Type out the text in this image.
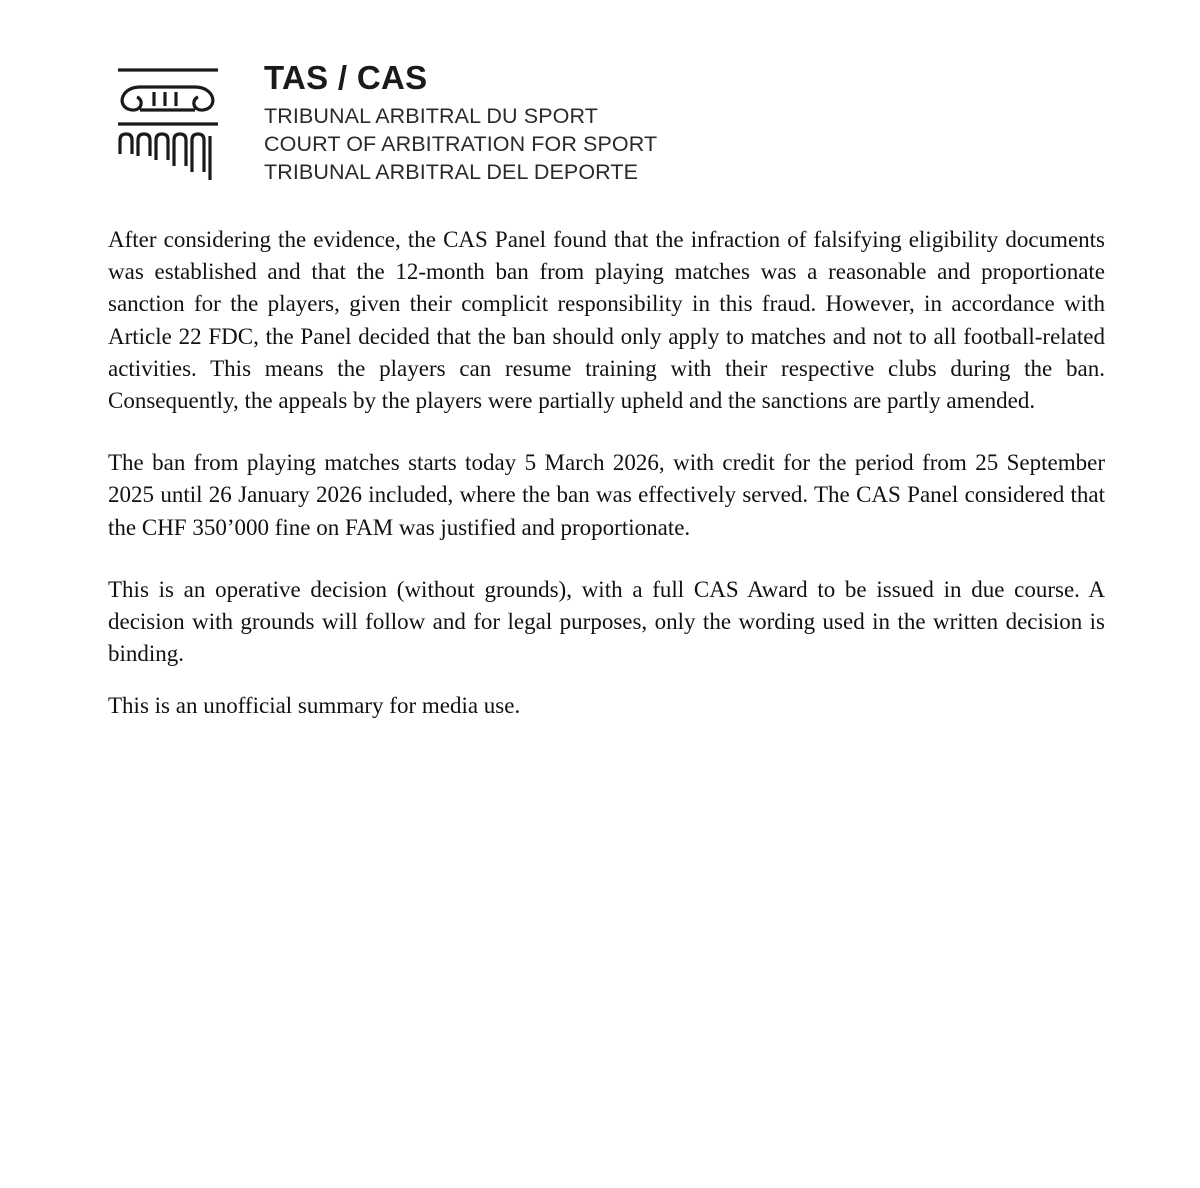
TAS / CAS
TRIBUNAL ARBITRAL DU SPORT
COURT OF ARBITRATION FOR SPORT
TRIBUNAL ARBITRAL DEL DEPORTE

After considering the evidence, the CAS Panel found that the infraction of falsifying eligibility documents was established and that the 12-month ban from playing matches was a reasonable and proportionate sanction for the players, given their complicit responsibility in this fraud. However, in accordance with Article 22 FDC, the Panel decided that the ban should only apply to matches and not to all football-related activities. This means the players can resume training with their respective clubs during the ban. Consequently, the appeals by the players were partially upheld and the sanctions are partly amended.

The ban from playing matches starts today 5 March 2026, with credit for the period from 25 September 2025 until 26 January 2026 included, where the ban was effectively served. The CAS Panel considered that the CHF 350’000 fine on FAM was justified and proportionate.

This is an operative decision (without grounds), with a full CAS Award to be issued in due course. A decision with grounds will follow and for legal purposes, only the wording used in the written decision is binding.

This is an unofficial summary for media use.
